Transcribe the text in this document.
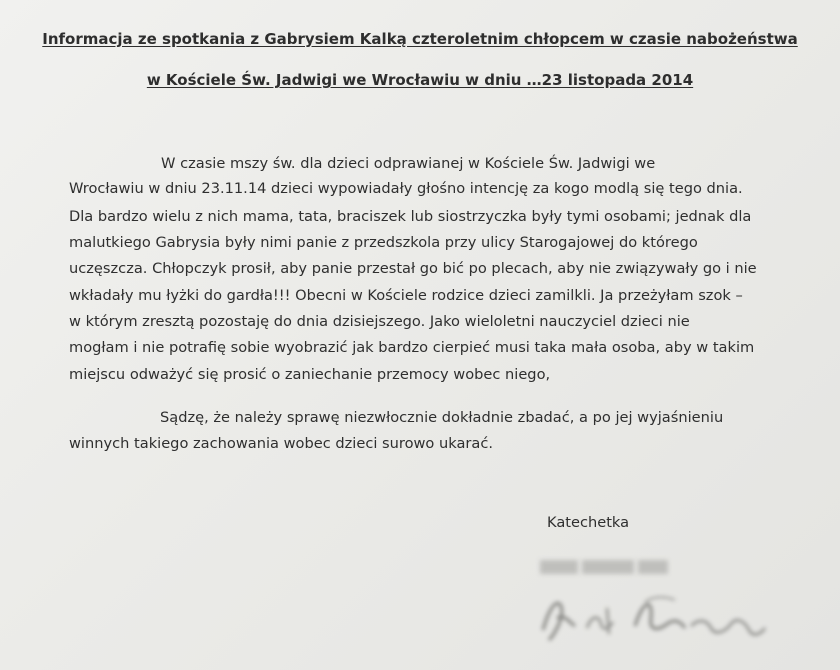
Informacja ze spotkania z Gabrysiem Kalką czteroletnim chłopcem w czasie nabożeństwa
w Kościele Św. Jadwigi we Wrocławiu w dniu …23 listopada 2014
W czasie mszy św. dla dzieci odprawianej w Kościele Św. Jadwigi we
Wrocławiu w dniu 23.11.14 dzieci wypowiadały głośno intencję za kogo modlą się tego dnia.
Dla bardzo wielu z nich mama, tata, braciszek lub siostrzyczka były tymi osobami; jednak dla
malutkiego Gabrysia były nimi panie z przedszkola przy ulicy Starogajowej do którego
uczęszcza. Chłopczyk prosił, aby panie przestał go bić po plecach, aby nie związywały go i nie
wkładały mu łyżki do gardła!!! Obecni w Kościele rodzice dzieci zamilkli. Ja przeżyłam szok –
w którym zresztą pozostaję do dnia dzisiejszego. Jako wieloletni nauczyciel dzieci nie
mogłam i nie potrafię sobie wyobrazić jak bardzo cierpieć musi taka mała osoba, aby w takim
miejscu odważyć się prosić o zaniechanie przemocy wobec niego,
Sądzę, że należy sprawę niezwłocznie dokładnie zbadać, a po jej wyjaśnieniu
winnych takiego zachowania wobec dzieci surowo ukarać.
Katechetka
